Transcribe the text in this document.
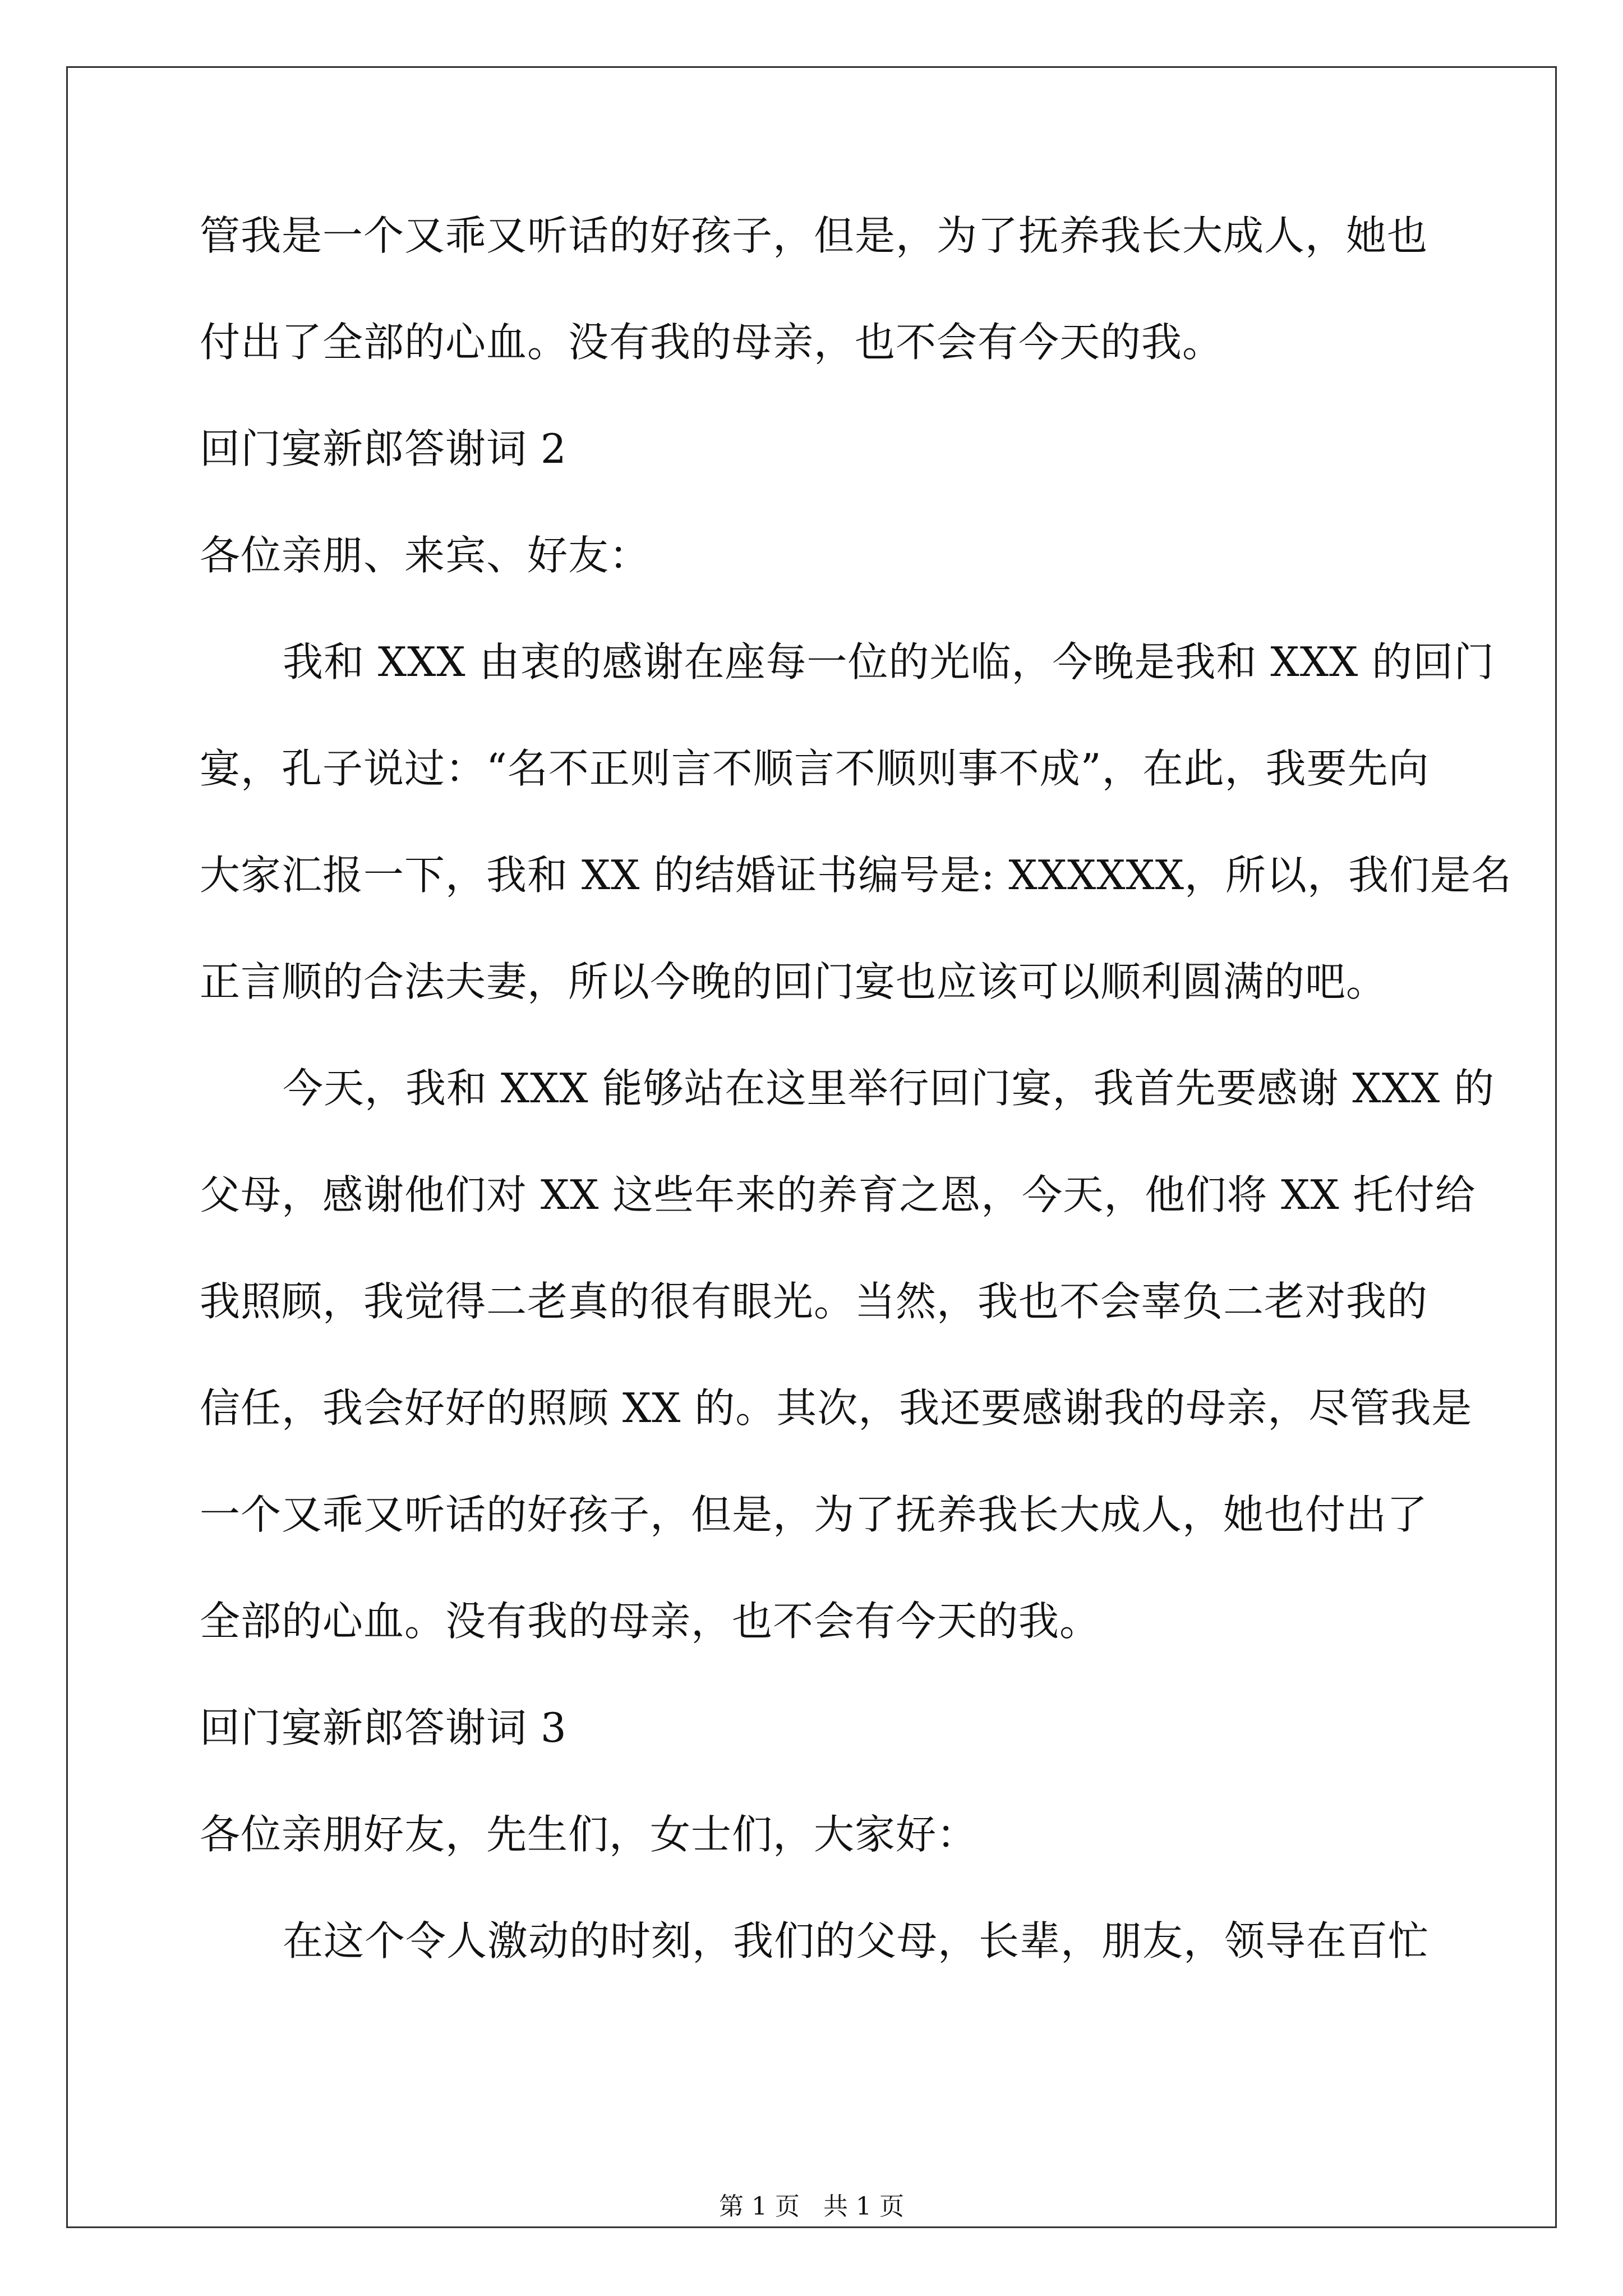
管我是一个又乖又听话的好孩子，但是，为了抚养我长大成人，她也

付出了全部的心血。没有我的母亲，也不会有今天的我。

回门宴新郎答谢词 2

各位亲朋、来宾、好友：

我和 XXX 由衷的感谢在座每一位的光临，今晚是我和 XXX 的回门

宴，孔子说过：“名不正则言不顺言不顺则事不成”，在此，我要先向

大家汇报一下，我和 XX 的结婚证书编号是: XXXXXX，所以，我们是名

正言顺的合法夫妻，所以今晚的回门宴也应该可以顺利圆满的吧。

今天，我和 XXX 能够站在这里举行回门宴，我首先要感谢 XXX 的

父母，感谢他们对 XX 这些年来的养育之恩，今天，他们将 XX 托付给

我照顾，我觉得二老真的很有眼光。当然，我也不会辜负二老对我的

信任，我会好好的照顾 XX 的。其次，我还要感谢我的母亲，尽管我是

一个又乖又听话的好孩子，但是，为了抚养我长大成人，她也付出了

全部的心血。没有我的母亲，也不会有今天的我。

回门宴新郎答谢词 3

各位亲朋好友，先生们，女士们，大家好：

在这个令人激动的时刻，我们的父母，长辈，朋友，领导在百忙

第 1 页   共 1 页
